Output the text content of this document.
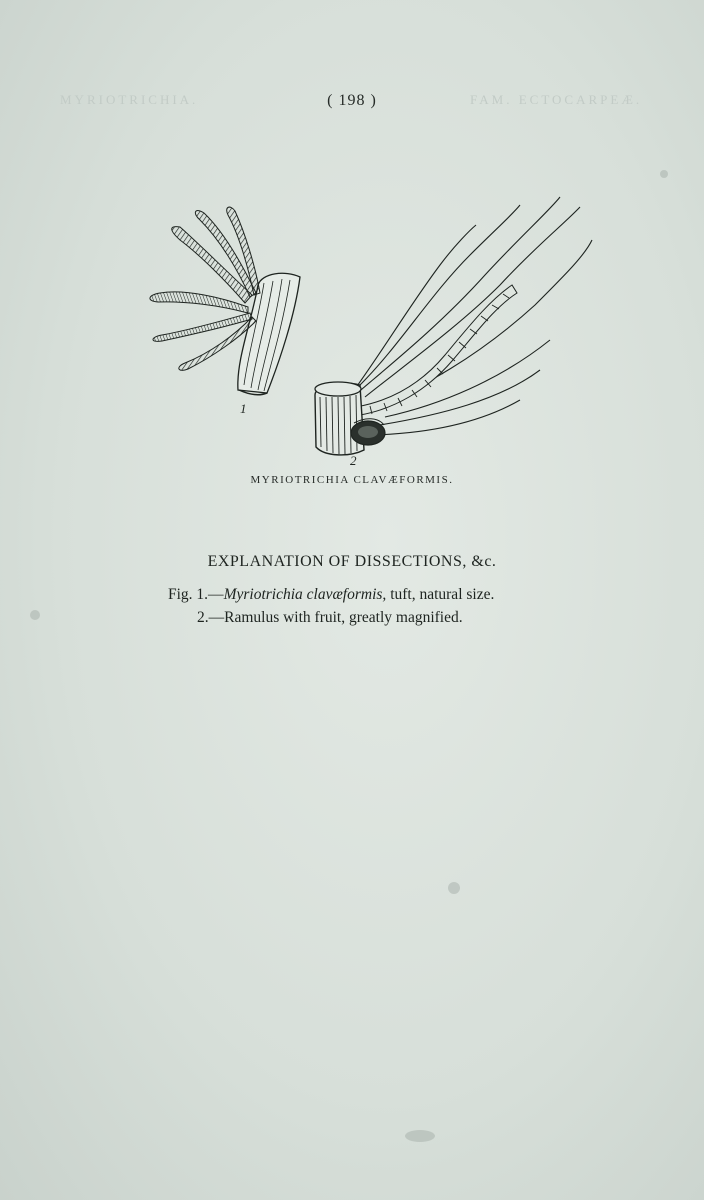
MYRIOTRICHIA.	FAM. ECTOCARPEÆ.
( 198 )
1
2
MYRIOTRICHIA CLAVÆFORMIS.
EXPLANATION OF DISSECTIONS, &c.
Fig. 1.—Myriotrichia clavæformis, tuft, natural size.
2.—Ramulus with fruit, greatly magnified.
